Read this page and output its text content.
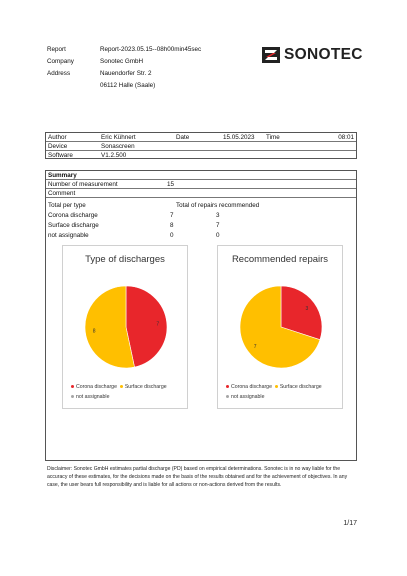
Report	Report-2023.05.15--08h00min45sec
Company	Sonotec GmbH
Address	Nauendorfer Str. 2
06112 Halle (Saale)
SONOTEC
Author	Eric Kühnert	Date	15.05.2023 Time	08:01
Device	Sonascreen
Software	V1.2.500
Summary
Number of measurement	15
Comment
Total per type	Total of repairs recommended
Corona discharge	7	3
Surface discharge	8	7
not assignable	0	0
Type of discharges
7
8
Corona discharge Surface discharge
not assignable
Recommended repairs
3
7
Corona discharge Surface discharge
not assignable
Disclaimer: Sonotec GmbH estimates partial discharge (PD) based on empirical determinations. Sonotec is in no way liable for the accuracy of these estimates, for the decisions made on the basis of the results obtained and for the achievement of objectives. In any case, the user bears full responsibility and is liable for all actions or non-actions derived from the results.
1/17
